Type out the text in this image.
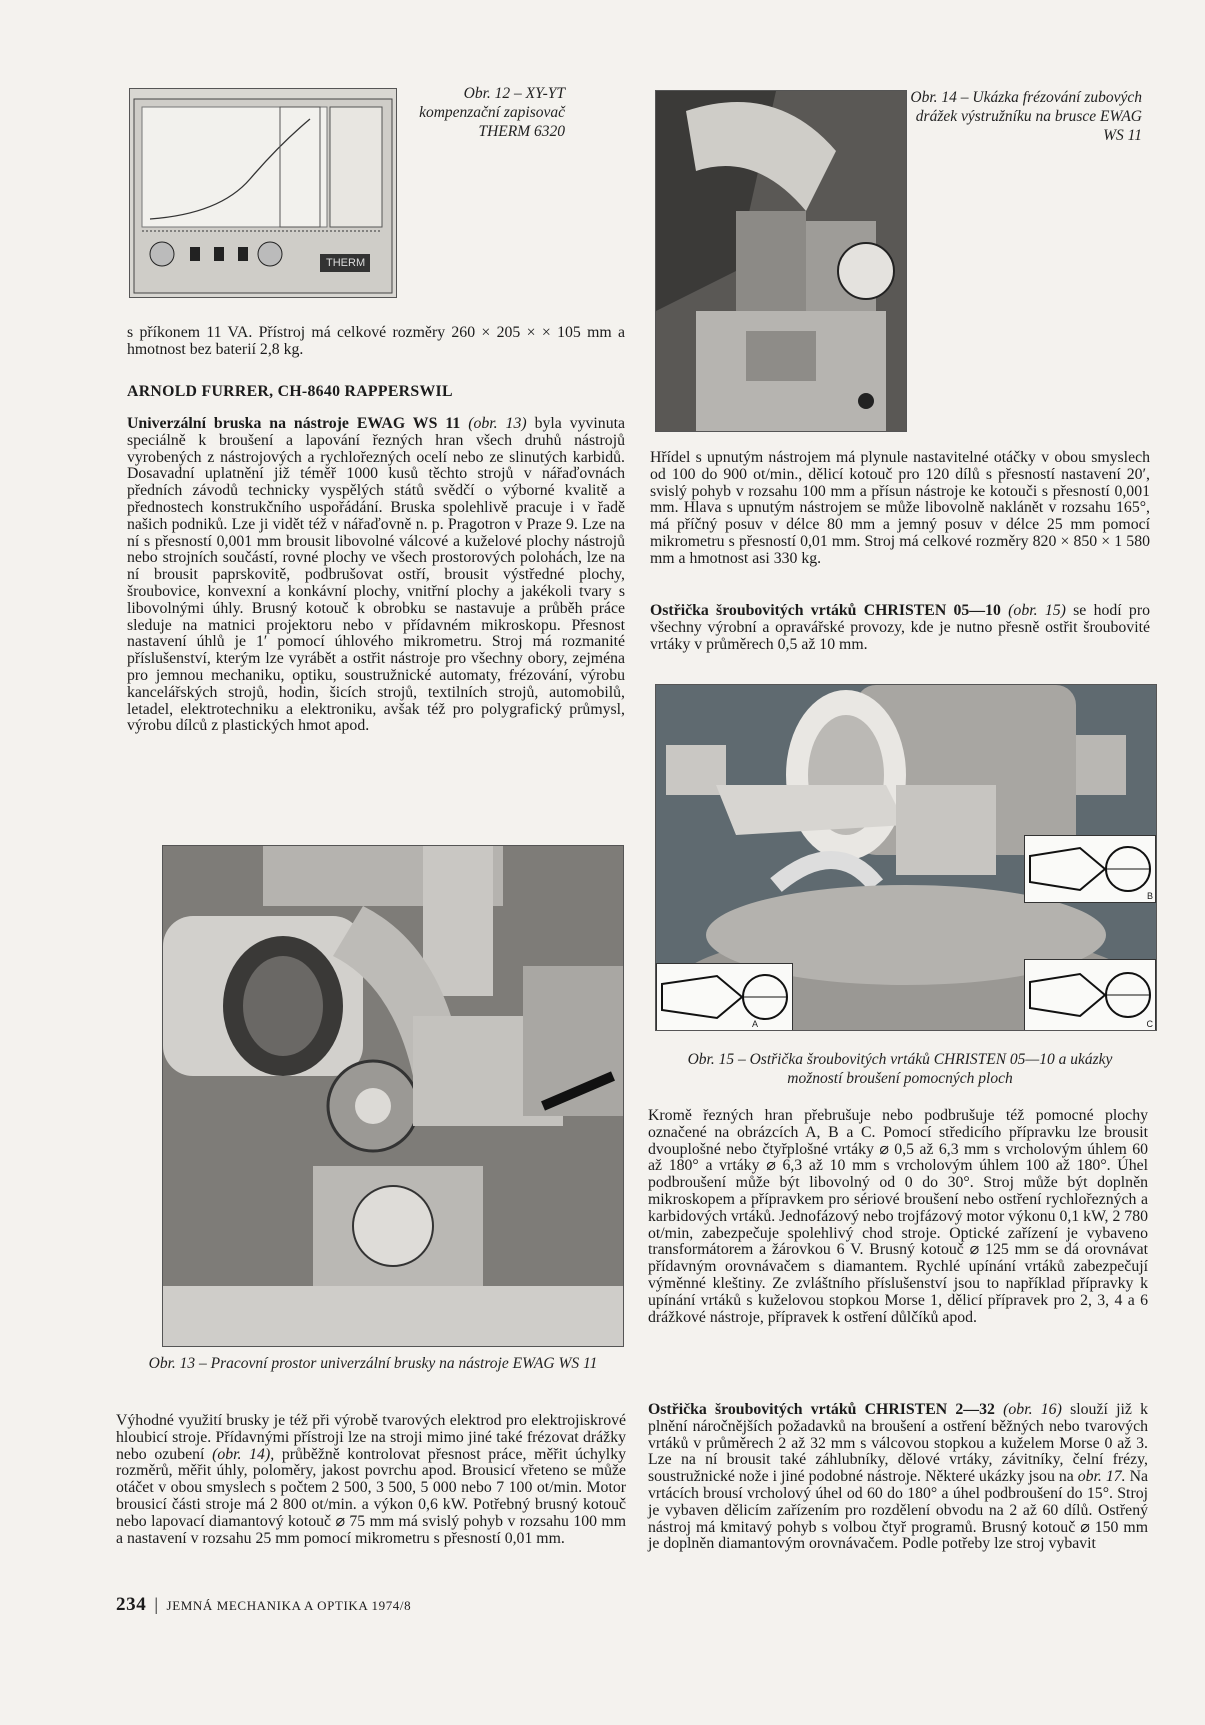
THERM
Obr. 12 – XY-YT kompenzační zapisovač THERM 6320
Obr. 14 – Ukázka frézování zubových drážek výstružníku na brusce EWAG WS 11

s příkonem 11 VA. Přístroj má celkové rozměry 260 × 205 × × 105 mm a hmotnost bez baterií 2,8 kg.

ARNOLD FURRER, CH-8640 RAPPERSWIL

Univerzální bruska na nástroje EWAG WS 11 (obr. 13) byla vyvinuta speciálně k broušení a lapování řezných hran všech druhů nástrojů vyrobených z nástrojových a rychlořezných ocelí nebo ze slinutých karbidů. Dosavadní uplatnění již téměř 1000 kusů těchto strojů v nářaďovnách předních závodů technicky vyspělých států svědčí o výborné kvalitě a přednostech konstrukčního uspořádání. Bruska spolehlivě pracuje i v řadě našich podniků. Lze ji vidět též v nářaďovně n. p. Pragotron v Praze 9. Lze na ní s přesností 0,001 mm brousit libovolné válcové a kuželové plochy nástrojů nebo strojních součástí, rovné plochy ve všech prostorových polohách, lze na ní brousit paprskovitě, podbrušovat ostří, brousit výstředné plochy, šroubovice, konvexní a konkávní plochy, vnitřní plochy a jakékoli tvary s libovolnými úhly. Brusný kotouč k obrobku se nastavuje a průběh práce sleduje na matnici projektoru nebo v přídavném mikroskopu. Přesnost nastavení úhlů je 1′ pomocí úhlového mikrometru. Stroj má rozmanité příslušenství, kterým lze vyrábět a ostřit nástroje pro všechny obory, zejména pro jemnou mechaniku, optiku, soustružnické automaty, frézování, výrobu kancelářských strojů, hodin, šicích strojů, textilních strojů, automobilů, letadel, elektrotechniku a elektroniku, avšak též pro polygrafický průmysl, výrobu dílců z plastických hmot apod.

Obr. 13 – Pracovní prostor univerzální brusky na nástroje EWAG WS 11

Výhodné využití brusky je též při výrobě tvarových elektrod pro elektrojiskrové hloubicí stroje. Přídavnými přístroji lze na stroji mimo jiné také frézovat drážky nebo ozubení (obr. 14), průběžně kontrolovat přesnost práce, měřit úchylky rozměrů, měřit úhly, poloměry, jakost povrchu apod. Brousicí vřeteno se může otáčet v obou smyslech s počtem 2 500, 3 500, 5 000 nebo 7 100 ot/min. Motor brousicí části stroje má 2 800 ot/min. a výkon 0,6 kW. Potřebný brusný kotouč nebo lapovací diamantový kotouč ⌀ 75 mm má svislý pohyb v rozsahu 100 mm a nastavení v rozsahu 25 mm pomocí mikrometru s přesností 0,01 mm.

Hřídel s upnutým nástrojem má plynule nastavitelné otáčky v obou smyslech od 100 do 900 ot/min., dělicí kotouč pro 120 dílů s přesností nastavení 20′, svislý pohyb v rozsahu 100 mm a přísun nástroje ke kotouči s přesností 0,001 mm. Hlava s upnutým nástrojem se může libovolně naklánět v rozsahu 165°, má příčný posuv v délce 80 mm a jemný posuv v délce 25 mm pomocí mikrometru s přesností 0,01 mm. Stroj má celkové rozměry 820 × 850 × 1 580 mm a hmotnost asi 330 kg.

Ostřička šroubovitých vrtáků CHRISTEN 05—10 (obr. 15) se hodí pro všechny výrobní a opravářské provozy, kde je nutno přesně ostřit šroubovité vrtáky v průměrech 0,5 až 10 mm.

A
B
C
Obr. 15 – Ostřička šroubovitých vrtáků CHRISTEN 05—10 a ukázky možností broušení pomocných ploch

Kromě řezných hran přebrušuje nebo podbrušuje též pomocné plochy označené na obrázcích A, B a C. Pomocí středicího přípravku lze brousit dvouplošné nebo čtyřplošné vrtáky ⌀ 0,5 až 6,3 mm s vrcholovým úhlem 60 až 180° a vrtáky ⌀ 6,3 až 10 mm s vrcholovým úhlem 100 až 180°. Úhel podbroušení může být libovolný od 0 do 30°. Stroj může být doplněn mikroskopem a přípravkem pro sériové broušení nebo ostření rychlořezných a karbidových vrtáků. Jednofázový nebo trojfázový motor výkonu 0,1 kW, 2 780 ot/min, zabezpečuje spolehlivý chod stroje. Optické zařízení je vybaveno transformátorem a žárovkou 6 V. Brusný kotouč ⌀ 125 mm se dá orovnávat přídavným orovnávačem s diamantem. Rychlé upínání vrtáků zabezpečují výměnné kleštiny. Ze zvláštního příslušenství jsou to například přípravky k upínání vrtáků s kuželovou stopkou Morse 1, dělicí přípravek pro 2, 3, 4 a 6 drážkové nástroje, přípravek k ostření důlčíků apod.

Ostřička šroubovitých vrtáků CHRISTEN 2—32 (obr. 16) slouží již k plnění náročnějších požadavků na broušení a ostření běžných nebo tvarových vrtáků v průměrech 2 až 32 mm s válcovou stopkou a kuželem Morse 0 až 3. Lze na ní brousit také záhlubníky, dělové vrtáky, závitníky, čelní frézy, soustružnické nože i jiné podobné nástroje. Některé ukázky jsou na obr. 17. Na vrtácích brousí vrcholový úhel od 60 do 180° a úhel podbroušení do 15°. Stroj je vybaven dělicím zařízením pro rozdělení obvodu na 2 až 60 dílů. Ostřený nástroj má kmitavý pohyb s volbou čtyř programů. Brusný kotouč ⌀ 150 mm je doplněn diamantovým orovnávačem. Podle potřeby lze stroj vybavit

234 | JEMNÁ MECHANIKA A OPTIKA 1974/8
